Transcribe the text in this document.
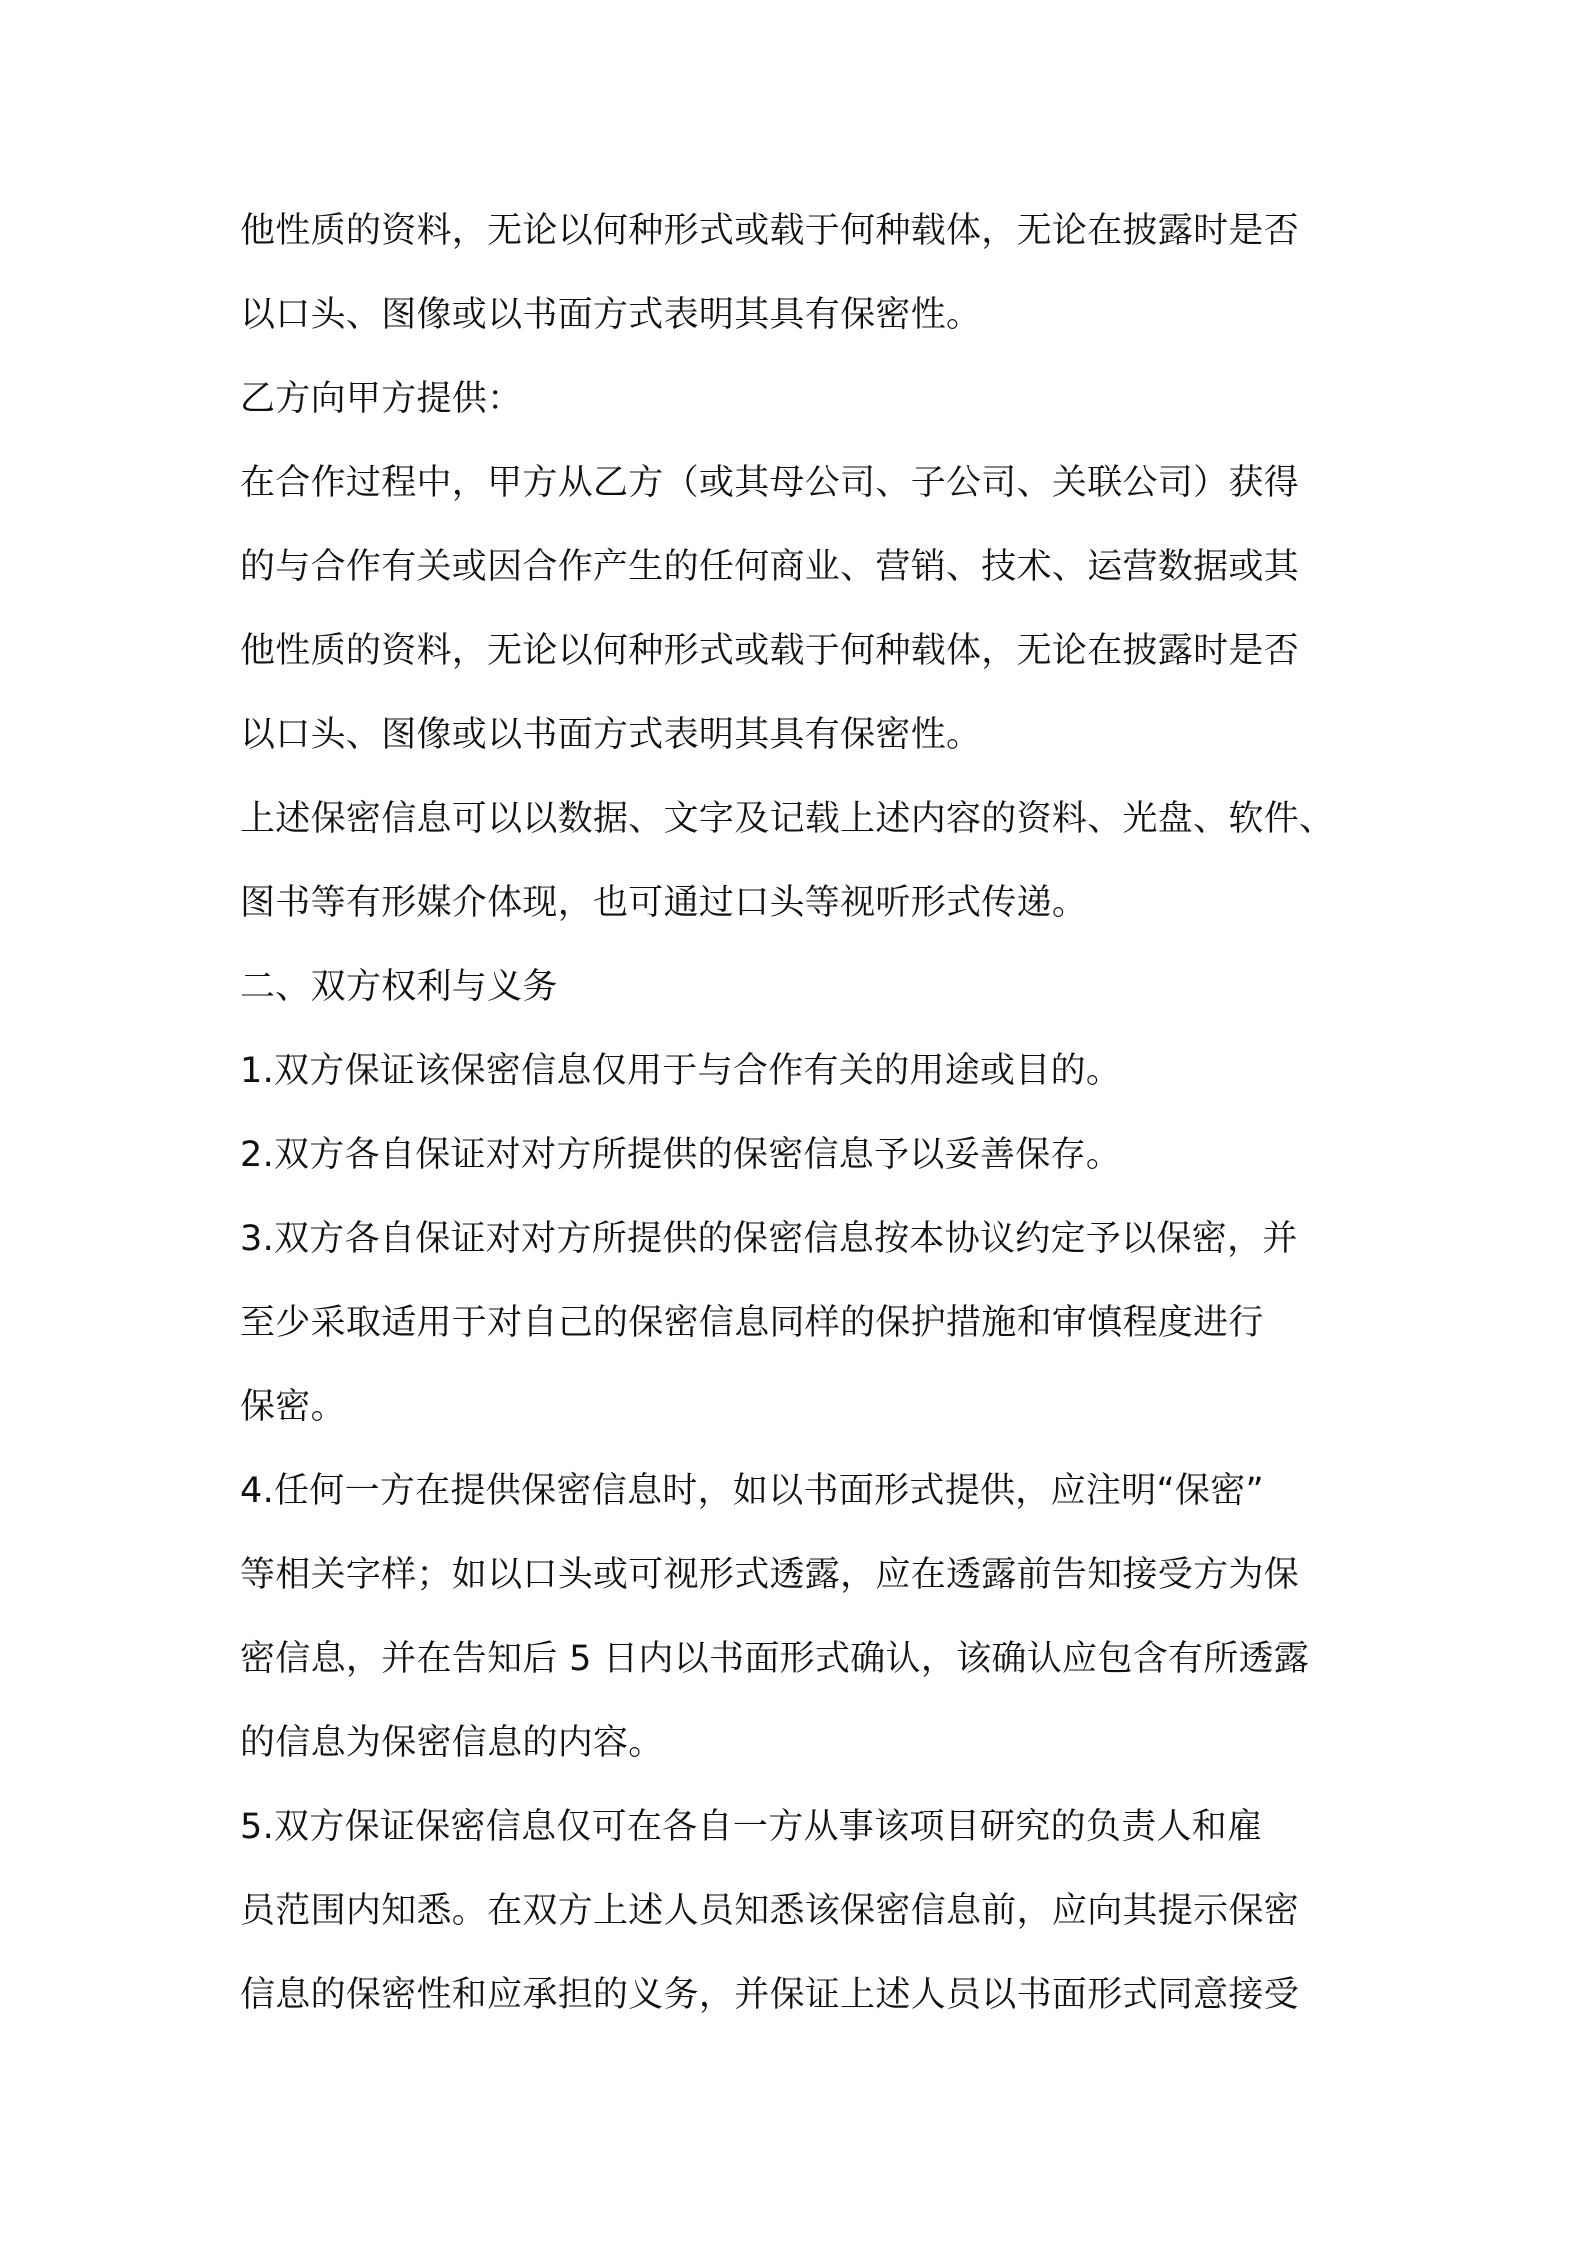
他性质的资料，无论以何种形式或载于何种载体，无论在披露时是否
以口头、图像或以书面方式表明其具有保密性。
乙方向甲方提供：
在合作过程中，甲方从乙方（或其母公司、子公司、关联公司）获得
的与合作有关或因合作产生的任何商业、营销、技术、运营数据或其
他性质的资料，无论以何种形式或载于何种载体，无论在披露时是否
以口头、图像或以书面方式表明其具有保密性。
上述保密信息可以以数据、文字及记载上述内容的资料、光盘、软件、
图书等有形媒介体现，也可通过口头等视听形式传递。
二、双方权利与义务
1.双方保证该保密信息仅用于与合作有关的用途或目的。
2.双方各自保证对对方所提供的保密信息予以妥善保存。
3.双方各自保证对对方所提供的保密信息按本协议约定予以保密，并
至少采取适用于对自己的保密信息同样的保护措施和审慎程度进行
保密。
4.任何一方在提供保密信息时，如以书面形式提供，应注明“保密”
等相关字样；如以口头或可视形式透露，应在透露前告知接受方为保
密信息，并在告知后 5 日内以书面形式确认，该确认应包含有所透露
的信息为保密信息的内容。
5.双方保证保密信息仅可在各自一方从事该项目研究的负责人和雇
员范围内知悉。在双方上述人员知悉该保密信息前，应向其提示保密
信息的保密性和应承担的义务，并保证上述人员以书面形式同意接受
